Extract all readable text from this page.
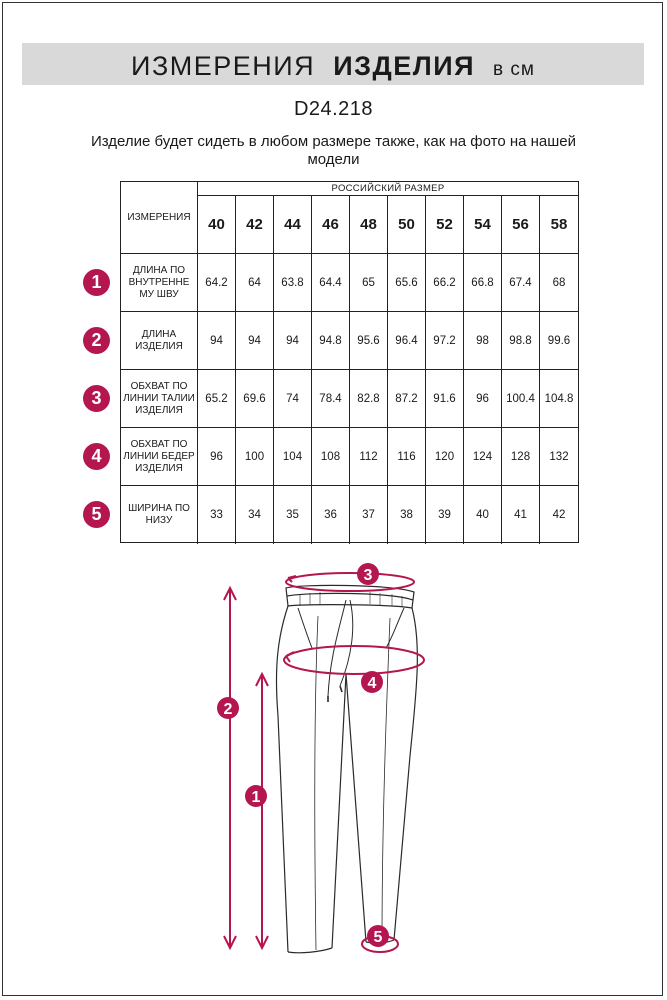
ИЗМЕРЕНИЯ ИЗДЕЛИЯ в см
D24.218
Изделие будет сидеть в любом размере также, как на фото на нашей модели
ИЗМЕРЕНИЯ
РОССИЙСКИЙ РАЗМЕР
40	42	44	46	48	50	52	54	56	58
ДЛИНА ПО ВНУТРЕННЕ МУ ШВУ
64.2	64	63.8	64.4	65	65.6	66.2	66.8	67.4	68
ДЛИНА ИЗДЕЛИЯ	94	94	94	94.8	95.6	96.4	97.2	98	98.8	99.6
ОБХВАТ ПО ЛИНИИ ТАЛИИ ИЗДЕЛИЯ
65.2	69.6	74	78.4	82.8	87.2	91.6	96	100.4 104.8
ОБХВАТ ПО ЛИНИИ БЕДЕР ИЗДЕЛИЯ
96	100	104	108	112	116	120	124	128	132
ШИРИНА ПО НИЗУ	33	34	35	36	37	38	39	40	41	42
1
2
3
4
5
1
2
3
4
5
